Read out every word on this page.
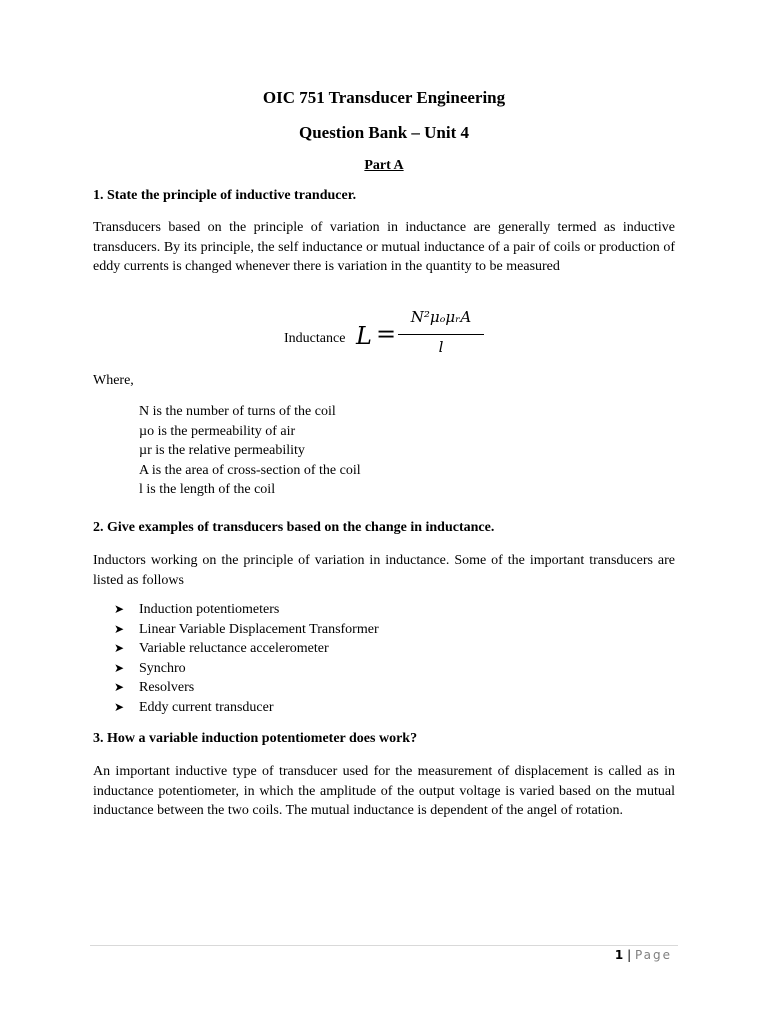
OIC 751 Transducer Engineering
Question Bank – Unit 4
Part A
1. State the principle of inductive tranducer.
Transducers based on the principle of variation in inductance are generally termed as inductive transducers. By its principle, the self inductance or mutual inductance of a pair of coils or production of eddy currents is changed whenever there is variation in the quantity to be measured
Inductance L =
N²μₒμᵣA
l
Where,
N is the number of turns of the coil
µo is the permeability of air
µr is the relative permeability
A is the area of cross-section of the coil
l is the length of the coil
2. Give examples of transducers based on the change in inductance.
Inductors working on the principle of variation in inductance. Some of the important transducers are listed as follows
➤ Induction potentiometers
➤ Linear Variable Displacement Transformer
➤ Variable reluctance accelerometer
➤ Synchro
➤ Resolvers
➤ Eddy current transducer
3. How a variable induction potentiometer does work?
An important inductive type of transducer used for the measurement of displacement is called as in inductance potentiometer, in which the amplitude of the output voltage is varied based on the mutual inductance between the two coils. The mutual inductance is dependent of the angel of rotation.
1 | Page
